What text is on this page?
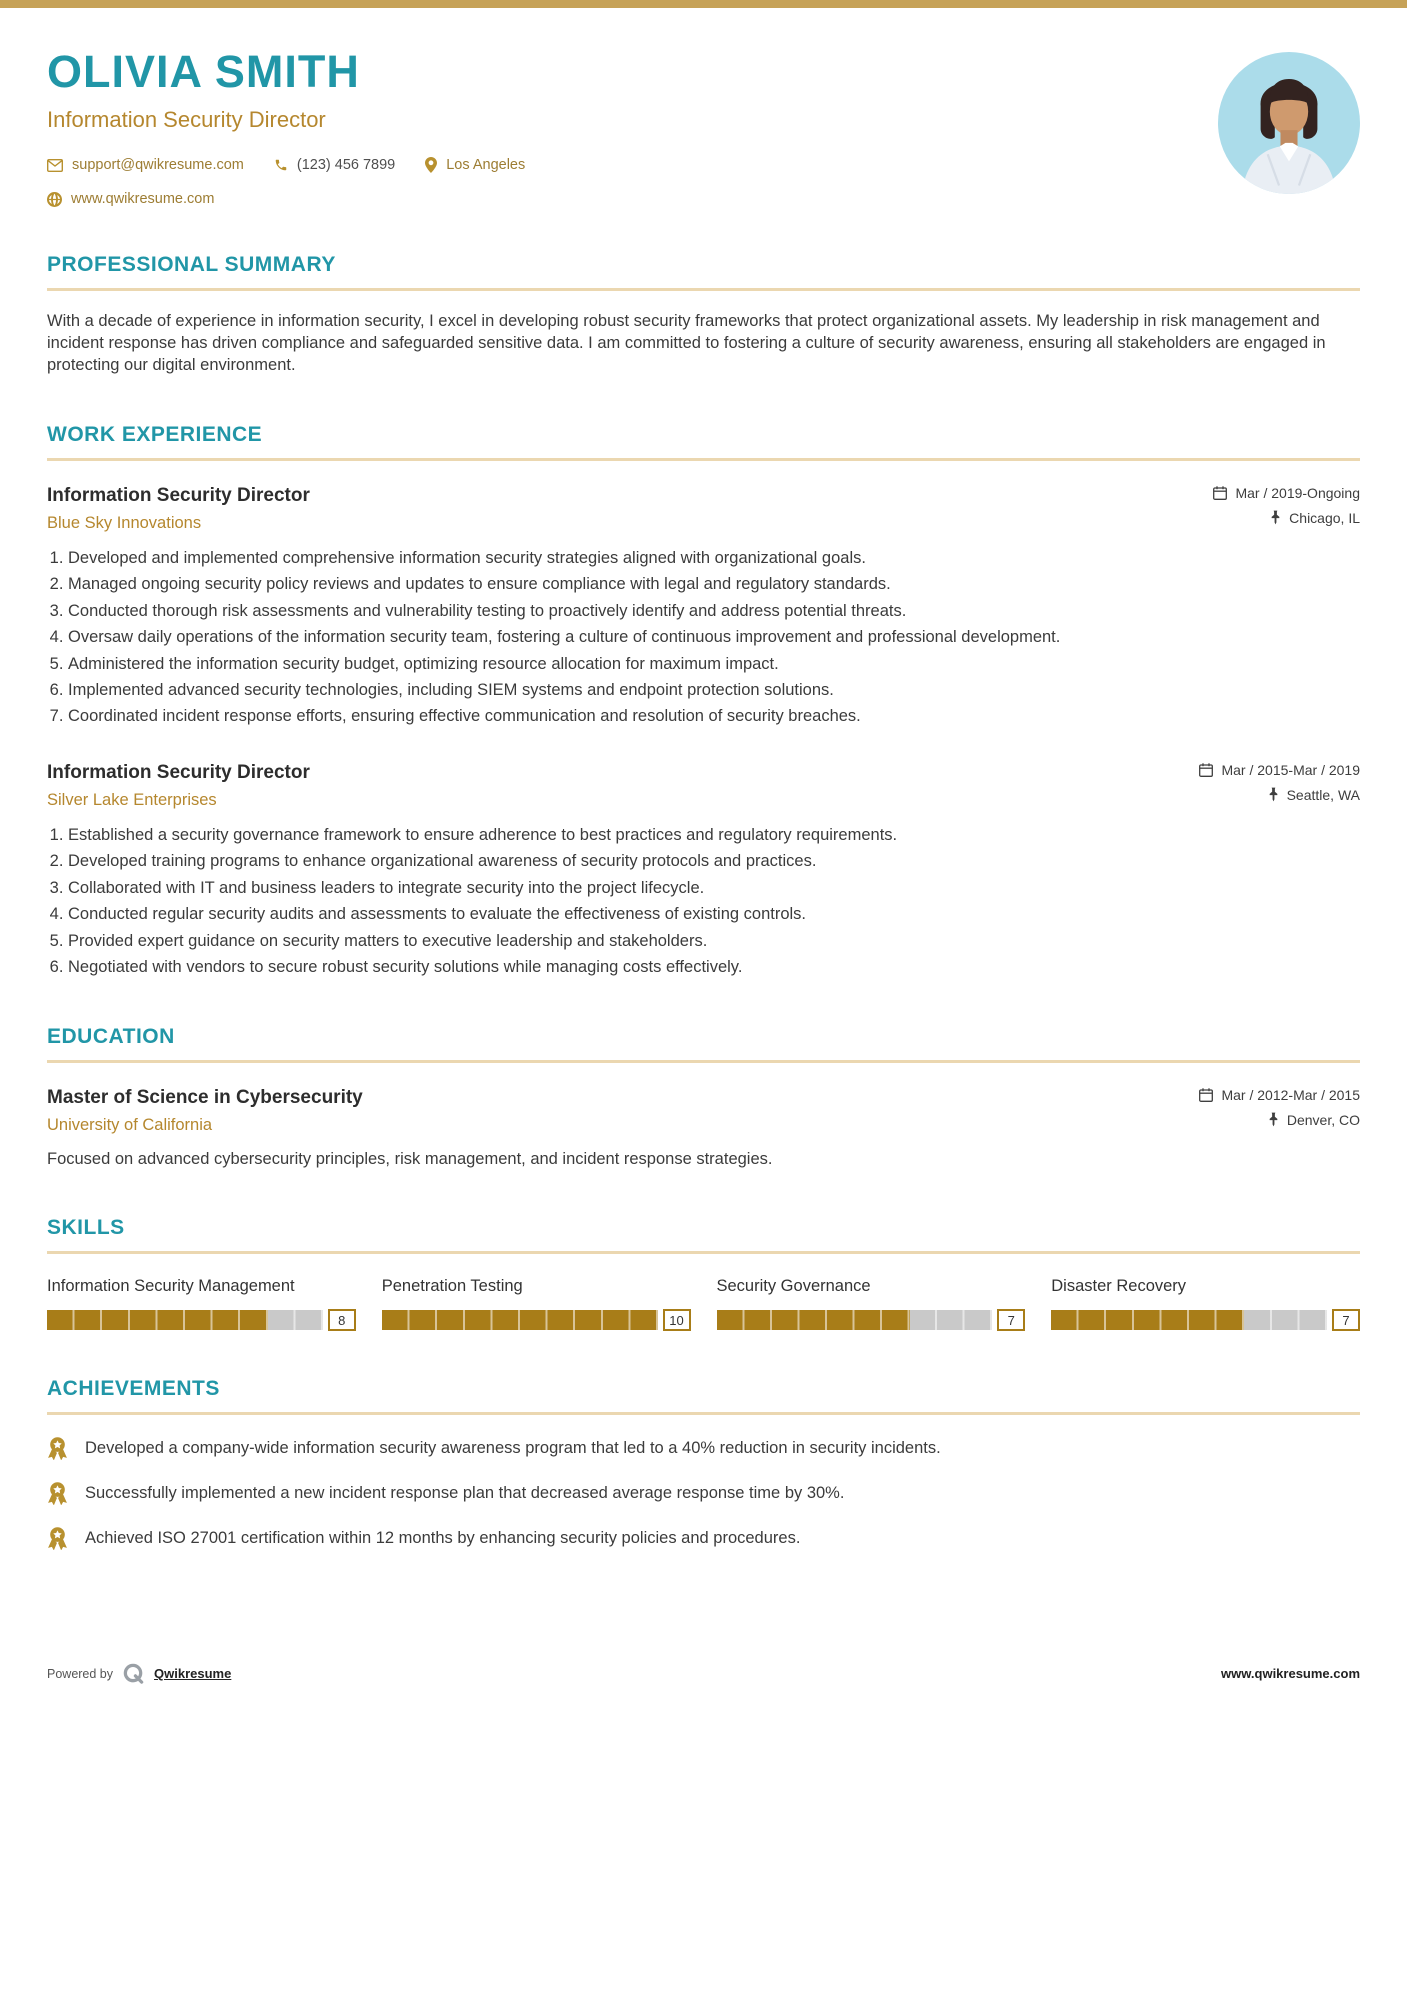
OLIVIA SMITH
Information Security Director
support@qwikresume.com	(123) 456 7899	Los Angeles
www.qwikresume.com
PROFESSIONAL SUMMARY

With a decade of experience in information security, I excel in developing robust security frameworks that protect organizational assets. My leadership in risk management and incident response has driven compliance and safeguarded sensitive data. I am committed to fostering a culture of security awareness, ensuring all stakeholders are engaged in protecting our digital environment.

WORK EXPERIENCE
Information Security Director
Blue Sky Innovations
Mar / 2019-Ongoing
Chicago, IL
1. Developed and implemented comprehensive information security strategies aligned with organizational goals.
2. Managed ongoing security policy reviews and updates to ensure compliance with legal and regulatory standards.
3. Conducted thorough risk assessments and vulnerability testing to proactively identify and address potential threats.
4. Oversaw daily operations of the information security team, fostering a culture of continuous improvement and professional development.
5. Administered the information security budget, optimizing resource allocation for maximum impact.
6. Implemented advanced security technologies, including SIEM systems and endpoint protection solutions.
7. Coordinated incident response efforts, ensuring effective communication and resolution of security breaches.
Information Security Director
Silver Lake Enterprises
Mar / 2015-Mar / 2019
Seattle, WA
1. Established a security governance framework to ensure adherence to best practices and regulatory requirements.
2. Developed training programs to enhance organizational awareness of security protocols and practices.
3. Collaborated with IT and business leaders to integrate security into the project lifecycle.
4. Conducted regular security audits and assessments to evaluate the effectiveness of existing controls.
5. Provided expert guidance on security matters to executive leadership and stakeholders.
6. Negotiated with vendors to secure robust security solutions while managing costs effectively.
EDUCATION
Master of Science in Cybersecurity
University of California
Mar / 2012-Mar / 2015
Denver, CO

Focused on advanced cybersecurity principles, risk management, and incident response strategies.

SKILLS
Information Security Management
8
Penetration Testing
10
Security Governance
7
Disaster Recovery
7
ACHIEVEMENTS
Developed a company-wide information security awareness program that led to a 40% reduction in security incidents.
Successfully implemented a new incident response plan that decreased average response time by 30%.
Achieved ISO 27001 certification within 12 months by enhancing security policies and procedures.
Powered by	Qwikresume	www.qwikresume.com
